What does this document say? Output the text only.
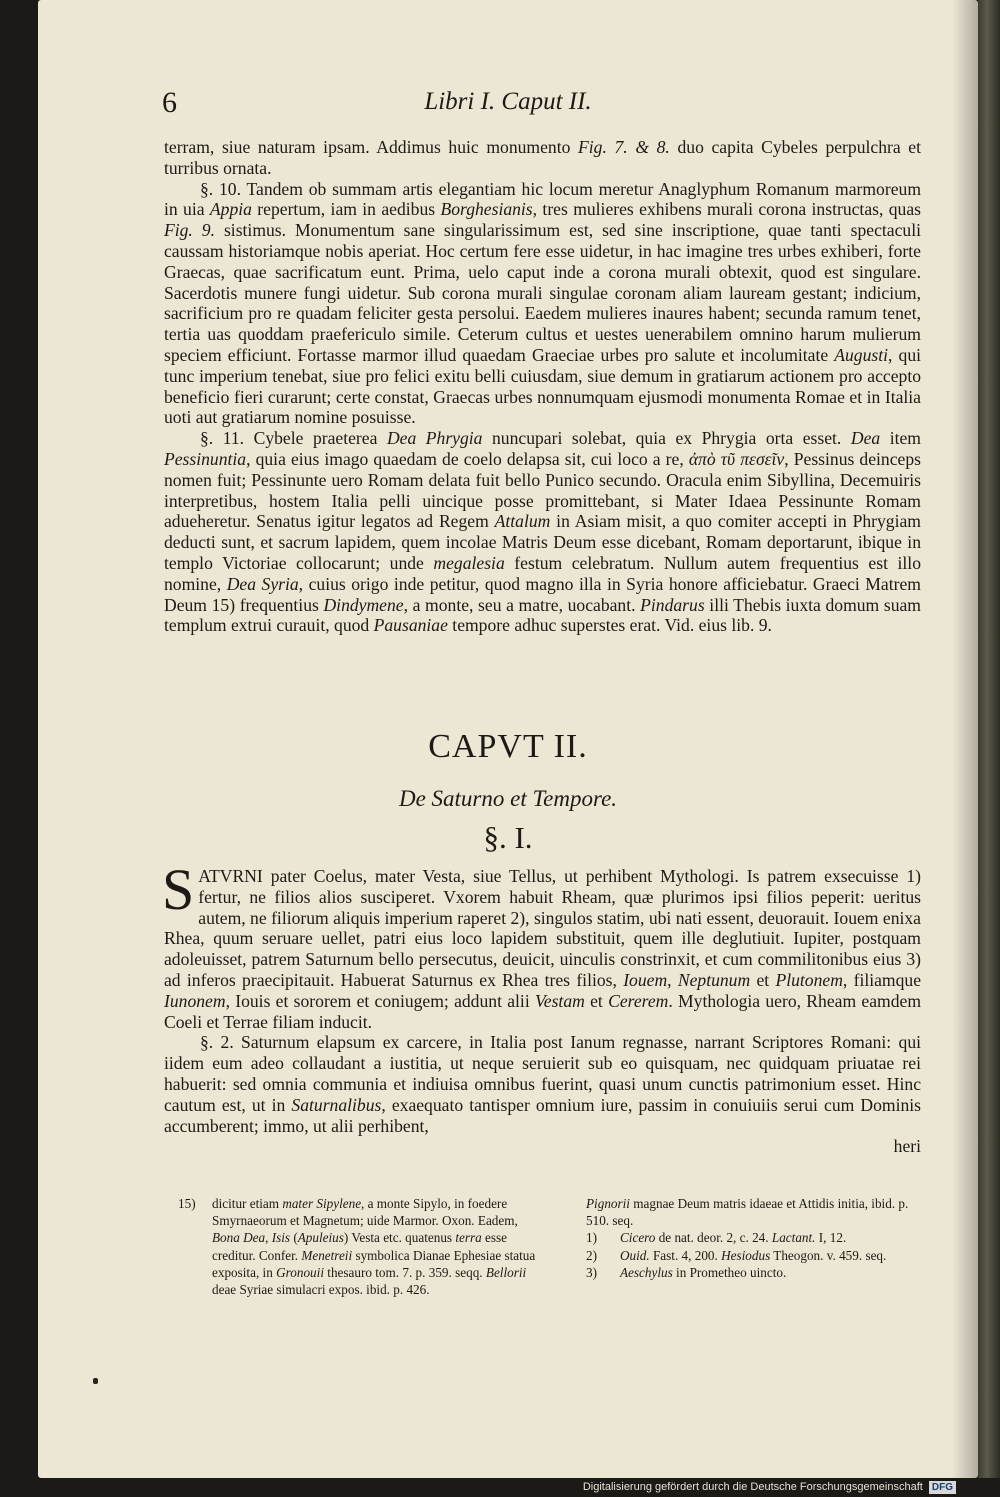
6	Libri I. Caput II.

terram, siue naturam ipsam. Addimus huic monumento Fig. 7. & 8. duo capita Cybeles perpulchra et turribus ornata.

§. 10. Tandem ob summam artis elegantiam hic locum meretur Anaglyphum Romanum marmoreum in uia Appia repertum, iam in aedibus Borghesianis, tres mulieres exhibens murali corona instructas, quas Fig. 9. sistimus. Monumentum sane singularissimum est, sed sine inscriptione, quae tanti spectaculi caussam historiamque nobis aperiat. Hoc certum fere esse uidetur, in hac imagine tres urbes exhiberi, forte Graecas, quae sacrificatum eunt. Prima, uelo caput inde a corona murali obtexit, quod est singulare. Sacerdotis munere fungi uidetur. Sub corona murali singulae coronam aliam lauream gestant; indicium, sacrificium pro re quadam feliciter gesta persolui. Eaedem mulieres inaures habent; secunda ramum tenet, tertia uas quoddam praefericulo simile. Ceterum cultus et uestes uenerabilem omnino harum mulierum speciem efficiunt. Fortasse marmor illud quaedam Graeciae urbes pro salute et incolumitate Augusti, qui tunc imperium tenebat, siue pro felici exitu belli cuiusdam, siue demum in gratiarum actionem pro accepto beneficio fieri curarunt; certe constat, Graecas urbes nonnumquam ejusmodi monumenta Romae et in Italia uoti aut gratiarum nomine posuisse.

§. 11. Cybele praeterea Dea Phrygia nuncupari solebat, quia ex Phrygia orta esset. Dea item Pessinuntia, quia eius imago quaedam de coelo delapsa sit, cui loco a re, ἀπὸ τῦ πεσεῖν, Pessinus deinceps nomen fuit; Pessinunte uero Romam delata fuit bello Punico secundo. Oracula enim Sibyllina, Decemuiris interpretibus, hostem Italia pelli uincique posse promittebant, si Mater Idaea Pessinunte Romam adueheretur. Senatus igitur legatos ad Regem Attalum in Asiam misit, a quo comiter accepti in Phrygiam deducti sunt, et sacrum lapidem, quem incolae Matris Deum esse dicebant, Romam deportarunt, ibique in templo Victoriae collocarunt; unde megalesia festum celebratum. Nullum autem frequentius est illo nomine, Dea Syria, cuius origo inde petitur, quod magno illa in Syria honore afficiebatur. Graeci Matrem Deum 15) frequentius Dindymene, a monte, seu a matre, uocabant. Pindarus illi Thebis iuxta domum suam templum extrui curauit, quod Pausaniae tempore adhuc superstes erat. Vid. eius lib. 9.

CAPVT II.
De Saturno et Tempore.
§. I.

SATVRNI pater Coelus, mater Vesta, siue Tellus, ut perhibent Mythologi. Is patrem exsecuisse 1) fertur, ne filios alios susciperet. Vxorem habuit Rheam, quæ plurimos ipsi filios peperit: ueritus autem, ne filiorum aliquis imperium raperet 2), singulos statim, ubi nati essent, deuorauit. Iouem enixa Rhea, quum seruare uellet, patri eius loco lapidem substituit, quem ille deglutiuit. Iupiter, postquam adoleuisset, patrem Saturnum bello persecutus, deuicit, uinculis constrinxit, et cum commilitonibus eius 3) ad inferos praecipitauit. Habuerat Saturnus ex Rhea tres filios, Iouem, Neptunum et Plutonem, filiamque Iunonem, Iouis et sororem et coniugem; addunt alii Vestam et Cererem. Mythologia uero, Rheam eamdem Coeli et Terrae filiam inducit.

§. 2. Saturnum elapsum ex carcere, in Italia post Ianum regnasse, narrant Scriptores Romani: qui iidem eum adeo collaudant a iustitia, ut neque seruierit sub eo quisquam, nec quidquam priuatae rei habuerit: sed omnia communia et indiuisa omnibus fuerint, quasi unum cunctis patrimonium esset. Hinc cautum est, ut in Saturnalibus, exaequato tantisper omnium iure, passim in conuiuiis serui cum Dominis accumberent; immo, ut alii perhibent,

heri

15) dicitur etiam mater Sipylene, a monte Sipylo, in foedere Smyrnaeorum et Magnetum; uide Marmor. Oxon. Eadem, Bona Dea, Isis (Apuleius) Vesta etc. quatenus terra esse creditur. Confer. Menetreii symbolica Dianae Ephesiae statua exposita, in Gronouii thesauro tom. 7. p. 359. seqq. Bellorii deae Syriae simulacri expos. ibid. p. 426.

Pignorii magnae Deum matris idaeae et Attidis initia, ibid. p. 510. seq.

1) Cicero de nat. deor. 2, c. 24. Lactant. I, 12.

2) Ouid. Fast. 4, 200. Hesiodus Theogon. v. 459. seq.

3) Aeschylus in Prometheo uincto.

Digitalisierung gefördert durch die Deutsche Forschungsgemeinschaft DFG
